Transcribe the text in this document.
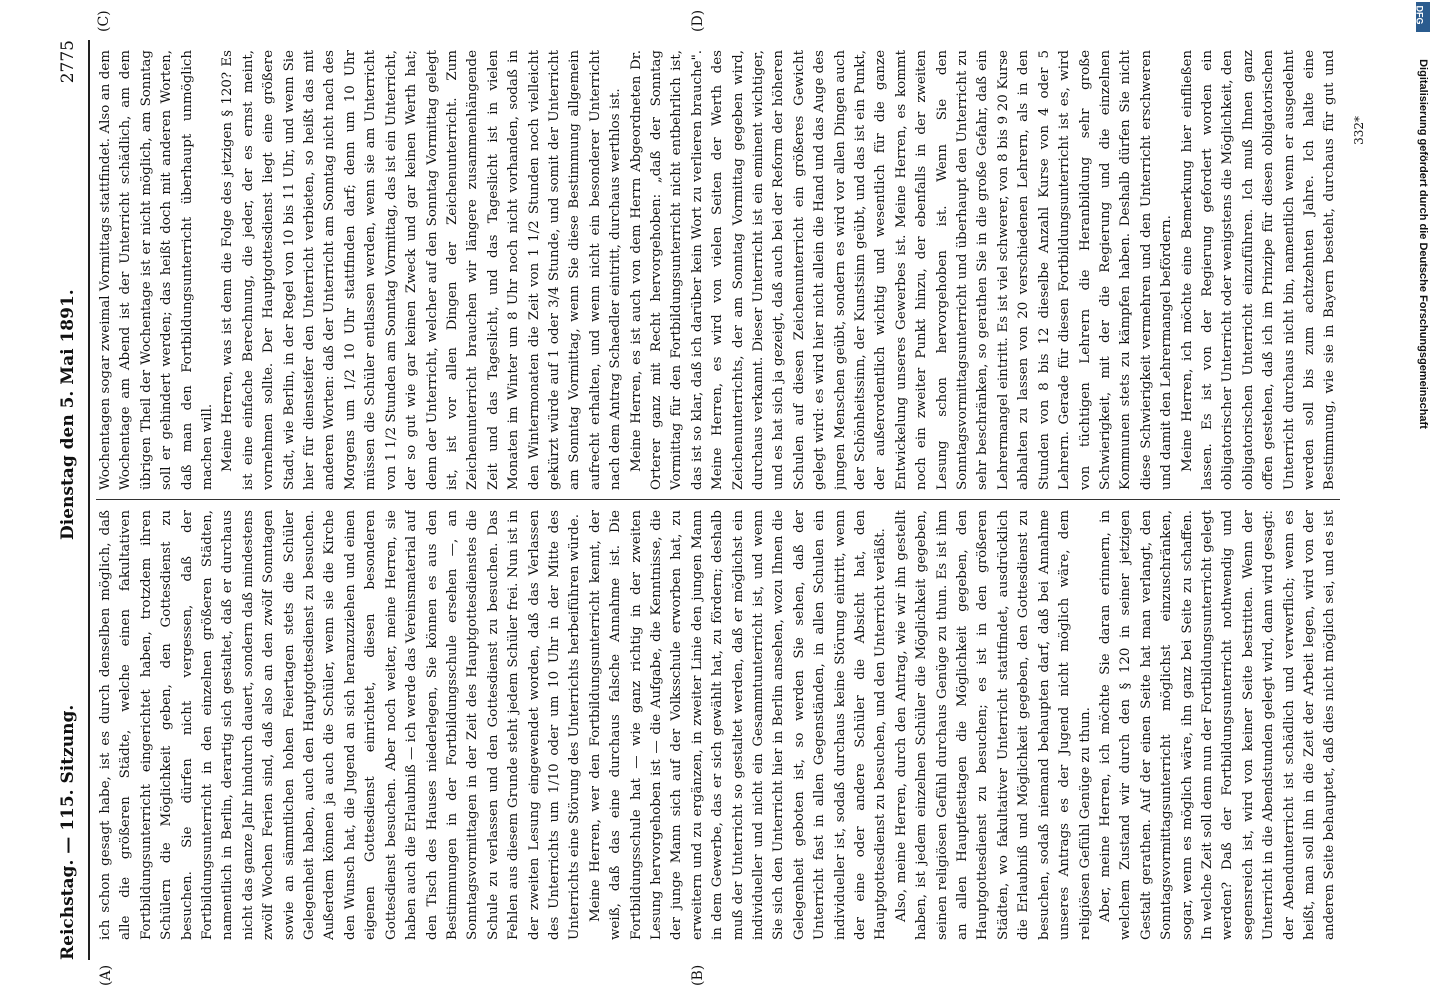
Reichstag. — 115. Sitzung.
Dienstag den 5. Mai 1891.
2775
(A)	(B)
(C)	(D)

ich schon gesagt habe, ist es durch denselben möglich, daß alle die größeren Städte, welche einen fakultativen Fortbildungsunterricht eingerichtet haben, trotzdem ihren Schülern die Möglichkeit geben, den Gottesdienst zu besuchen. Sie dürfen nicht vergessen, daß der Fortbildungsunterricht in den einzelnen größeren Städten, namentlich in Berlin, derartig sich gestaltet, daß er durchaus nicht das ganze Jahr hindurch dauert, sondern daß mindestens zwölf Wochen Ferien sind, daß also an den zwölf Sonntagen sowie an sämmtlichen hohen Feiertagen stets die Schüler Gelegenheit haben, auch den Hauptgottesdienst zu besuchen. Außerdem können ja auch die Schüler, wenn sie die Kirche den Wunsch hat, die Jugend an sich heranzuziehen und einen eigenen Gottesdienst einrichtet, diesen besonderen Gottesdienst besuchen. Aber noch weiter, meine Herren, sie haben auch die Erlaubniß — ich werde das Vereinsmaterial auf den Tisch des Hauses niederlegen, Sie können es aus den Bestimmungen in der Fortbildungsschule ersehen —, an Sonntagsvormittagen in der Zeit des Hauptgottesdienstes die Schule zu verlassen und den Gottesdienst zu besuchen. Das Fehlen aus diesem Grunde steht jedem Schüler frei. Nun ist in der zweiten Lesung eingewendet worden, daß das Verlassen des Unterrichts um 1/10 oder um 10 Uhr in der Mitte des Unterrichts eine Störung des Unterrichts herbeiführen würde. Meine Herren, wer den Fortbildungsunterricht kennt, der weiß, daß das eine durchaus falsche Annahme ist. Die Fortbildungsschule hat — wie ganz richtig in der zweiten Lesung hervorgehoben ist — die Aufgabe, die Kenntnisse, die der junge Mann sich auf der Volksschule erworben hat, zu erweitern und zu ergänzen, in zweiter Linie den jungen Mann in dem Gewerbe, das er sich gewählt hat, zu fördern; deshalb muß der Unterricht so gestaltet werden, daß er möglichst ein individueller und nicht ein Gesammtunterricht ist, und wenn Sie sich den Unterricht hier in Berlin ansehen, wozu Ihnen die Gelegenheit geboten ist, so werden Sie sehen, daß der Unterricht fast in allen Gegenständen, in allen Schulen ein individueller ist, sodaß durchaus keine Störung eintritt, wenn der eine oder andere Schüler die Absicht hat, den Hauptgottesdienst zu besuchen, und den Unterricht verläßt. Also, meine Herren, durch den Antrag, wie wir ihn gestellt haben, ist jedem einzelnen Schüler die Möglichkeit gegeben, seinen religiösen Gefühl durchaus Genüge zu thun. Es ist ihm an allen Hauptfesttagen die Möglichkeit gegeben, den Hauptgottesdienst zu besuchen; es ist in den größeren Städten, wo fakultativer Unterricht stattfindet, ausdrücklich die Erlaubniß und Möglichkeit gegeben, den Gottesdienst zu besuchen, sodaß niemand behaupten darf, daß bei Annahme unseres Antrags es der Jugend nicht möglich wäre, dem religiösen Gefühl Genüge zu thun. Aber, meine Herren, ich möchte Sie daran erinnern, in welchem Zustand wir durch den § 120 in seiner jetzigen Gestalt gerathen. Auf der einen Seite hat man verlangt, den Sonntagsvormittagsunterricht möglichst einzuschränken, sogar, wenn es möglich wäre, ihn ganz bei Seite zu schaffen. In welche Zeit soll denn nun der Fortbildungsunterricht gelegt werden? Daß der Fortbildungsunterricht nothwendig und segensreich ist, wird von keiner Seite bestritten. Wenn der Unterricht in die Abendstunden gelegt wird, dann wird gesagt: der Abendunterricht ist schädlich und verwerflich; wenn es heißt, man soll ihn in die Zeit der Arbeit legen, wird von der anderen Seite behauptet, daß dies nicht möglich sei, und es ist

Wochentagen sogar zweimal Vormittags stattfindet. Also an dem Wochentage am Abend ist der Unterricht schädlich, am dem übrigen Theil der Wochentage ist er nicht möglich, am Sonntag soll er gehindert werden; das heißt doch mit anderen Worten, daß man den Fortbildungsunterricht überhaupt unmöglich machen will. Meine Herren, was ist denn die Folge des jetzigen § 120? Es ist eine einfache Berechnung, die jeder, der es ernst meint, vornehmen sollte. Der Hauptgottesdienst liegt eine größere Stadt, wie Berlin, in der Regel von 10 bis 11 Uhr, und wenn Sie hier für diensteifer den Unterricht verbieten, so heißt das mit anderen Worten: daß der Unterricht am Sonntag nicht nach des Morgens um 1/2 10 Uhr stattfinden darf; denn um 10 Uhr müssen die Schüler entlassen werden, wenn sie am Unterricht von 1 1/2 Stunden am Sonntag Vormittag, das ist ein Unterricht, der so gut wie gar keinen Zweck und gar keinen Werth hat; denn der Unterricht, welcher auf den Sonntag Vormittag gelegt ist, ist vor allen Dingen der Zeichenunterricht. Zum Zeichenunterricht brauchen wir längere zusammenhängende Zeit und das Tageslicht, und das Tageslicht ist in vielen Monaten im Winter um 8 Uhr noch nicht vorhanden, sodaß in den Wintermonaten die Zeit von 1 1/2 Stunden noch vielleicht gekürzt würde auf 1 oder 3/4 Stunde, und somit der Unterricht am Sonntag Vormittag, wenn Sie diese Bestimmung allgemein aufrecht erhalten, und wenn nicht ein besonderer Unterricht nach dem Antrag Schaedler eintritt, durchaus werthlos ist. Meine Herren, es ist auch von dem Herrn Abgeordneten Dr. Orterer ganz mit Recht hervorgehoben: „daß der Sonntag Vormittag für den Fortbildungsunterricht nicht entbehrlich ist, das ist so klar, daß ich darüber kein Wort zu verlieren brauche". Meine Herren, es wird von vielen Seiten der Werth des Zeichenunterrichts, der am Sonntag Vormittag gegeben wird, durchaus verkannt. Dieser Unterricht ist ein eminent wichtiger, und es hat sich ja gezeigt, daß auch bei der Reform der höheren Schulen auf diesen Zeichenunterricht ein größeres Gewicht gelegt wird: es wird hier nicht allein die Hand und das Auge des jungen Menschen geübt, sondern es wird vor allen Dingen auch der Schönheitssinn, der Kunstsinn geübt, und das ist ein Punkt, der außerordentlich wichtig und wesentlich für die ganze Entwickelung unseres Gewerbes ist. Meine Herren, es kommt noch ein zweiter Punkt hinzu, der ebenfalls in der zweiten Lesung schon hervorgehoben ist. Wenn Sie den Sonntagsvormittagsunterricht und überhaupt den Unterricht zu sehr beschränken, so gerathen Sie in die große Gefahr, daß ein Lehrermangel eintritt. Es ist viel schwerer, von 8 bis 9 20 Kurse abhalten zu lassen von 20 verschiedenen Lehrern, als in den Stunden von 8 bis 12 dieselbe Anzahl Kurse von 4 oder 5 Lehrern. Gerade für diesen Fortbildungsunterricht ist es, wird von tüchtigen Lehrern die Heranbildung sehr große Schwierigkeit, mit der die Regierung und die einzelnen Kommunen stets zu kämpfen haben. Deshalb dürfen Sie nicht diese Schwierigkeit vermehren und den Unterricht erschweren und damit den Lehrermangel befördern. Meine Herren, ich möchte eine Bemerkung hier einfließen lassen. Es ist von der Regierung gefordert worden ein obligatorischer Unterricht oder wenigstens die Möglichkeit, den obligatorischen Unterricht einzuführen. Ich muß Ihnen ganz offen gestehen, daß ich im Prinzipe für diesen obligatorischen Unterricht durchaus nicht bin, namentlich wenn er ausgedehnt werden soll bis zum achtzehnten Jahre. Ich halte eine Bestimmung, wie sie in Bayern besteht, durchaus für gut und

332*
DFG
Digitalisierung gefördert durch die Deutsche Forschungsgemeinschaft
